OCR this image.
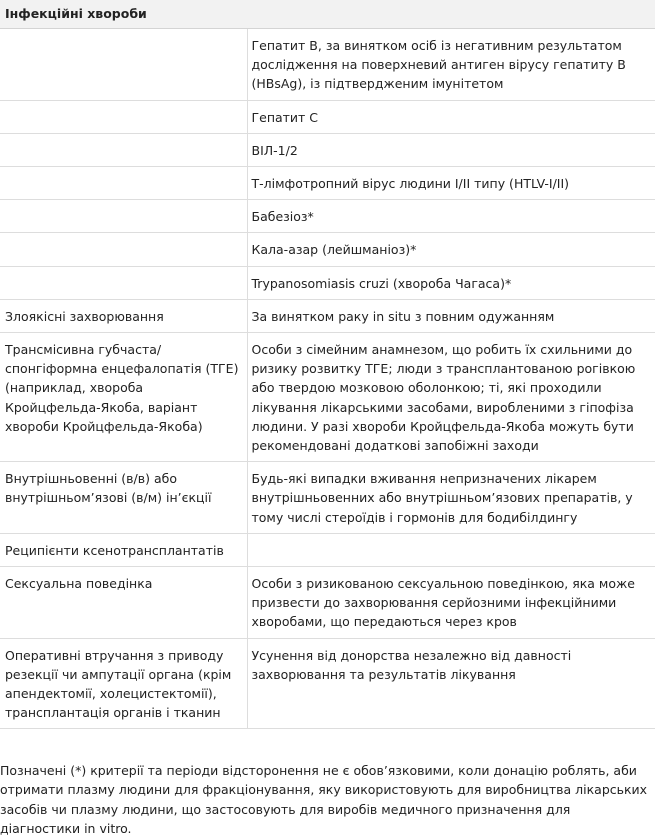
Інфекційні хвороби	
	Гепатит В, за винятком осіб із негативним результатом дослідження на поверхневий антиген вірусу гепатиту В (HBsAg), із підтвердженим імунітетом
	Гепатит С
	ВІЛ-1/2
	Т-лімфотропний вірус людини І/ІІ типу (HTLV-І/ІІ)
	Бабезіоз*
	Кала-азар (лейшманіоз)*
	Trypanosomiasis cruzi (хвороба Чагаса)*
Злоякісні захворювання	За винятком раку in situ з повним одужанням
Трансмісивна губчаста/ спонгіформна енцефалопатія (ТГЕ) (наприклад, хвороба Кройцфельда-Якоба, варіант хвороби Кройцфельда-Якоба)	Особи з сімейним анамнезом, що робить їх схильними до ризику розвитку ТГЕ; люди з трансплантованою рогівкою або твердою мозковою оболонкою; ті, які проходили лікування лікарськими засобами, виробленими з гіпофіза людини. У разі хвороби Кройцфельда-Якоба можуть бути рекомендовані додаткові запобіжні заходи
Внутрішньовенні (в/в) або внутрішньом’язові (в/м) ін’єкції	Будь-які випадки вживання непризначених лікарем внутрішньовенних або внутрішньом’язових препаратів, у тому числі стероїдів і гормонів для бодибілдингу
Реципієнти ксенотрансплантатів	
Сексуальна поведінка	Особи з ризикованою сексуальною поведінкою, яка може призвести до захворювання серйозними інфекційними хворобами, що передаються через кров
Оперативні втручання з приводу резекції чи ампутації органа (крім апендектомії, холецистектомії), трансплантація органів і тканин	Усунення від донорства незалежно від давності захворювання та результатів лікування

Позначені (*) критерії та періоди відсторонення не є обов’язковими, коли донацію роблять, аби отримати плазму людини для фракціонування, яку використовують для виробництва лікарських засобів чи плазму людини, що застосовують для виробів медичного призначення для діагностики in vitro.
